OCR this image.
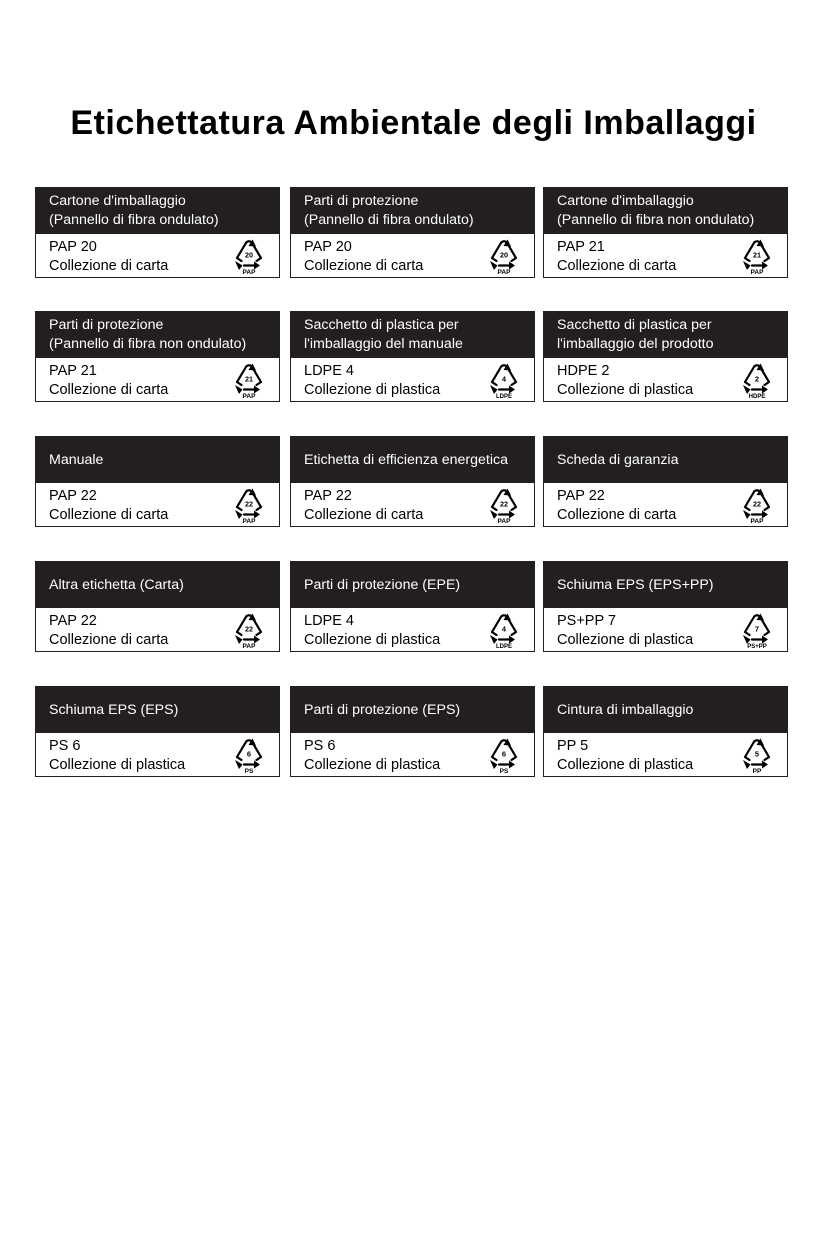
Etichettatura Ambientale degli Imballaggi
Cartone d'imballaggio
(Pannello di fibra ondulato)
PAP 20
Collezione di carta
20
PAP
Parti di protezione
(Pannello di fibra ondulato)
PAP 20
Collezione di carta
20
PAP
Cartone d'imballaggio
(Pannello di fibra non ondulato)
PAP 21
Collezione di carta
21
PAP
Parti di protezione
(Pannello di fibra non ondulato)
PAP 21
Collezione di carta
21
PAP
Sacchetto di plastica per
l'imballaggio del manuale
LDPE 4
Collezione di plastica
4
LDPE
Sacchetto di plastica per
l'imballaggio del prodotto
HDPE 2
Collezione di plastica
2
HDPE
Manuale
PAP 22
Collezione di carta
22
PAP
Etichetta di efficienza energetica
PAP 22
Collezione di carta
22
PAP
Scheda di garanzia
PAP 22
Collezione di carta
22
PAP
Altra etichetta (Carta)
PAP 22
Collezione di carta
22
PAP
Parti di protezione (EPE)
LDPE 4
Collezione di plastica
4
LDPE
Schiuma EPS (EPS+PP)
PS+PP 7
Collezione di plastica
7
PS+PP
Schiuma EPS (EPS)
PS 6
Collezione di plastica
6
PS
Parti di protezione (EPS)
PS 6
Collezione di plastica
6
PS
Cintura di imballaggio
PP 5
Collezione di plastica
5
PP
